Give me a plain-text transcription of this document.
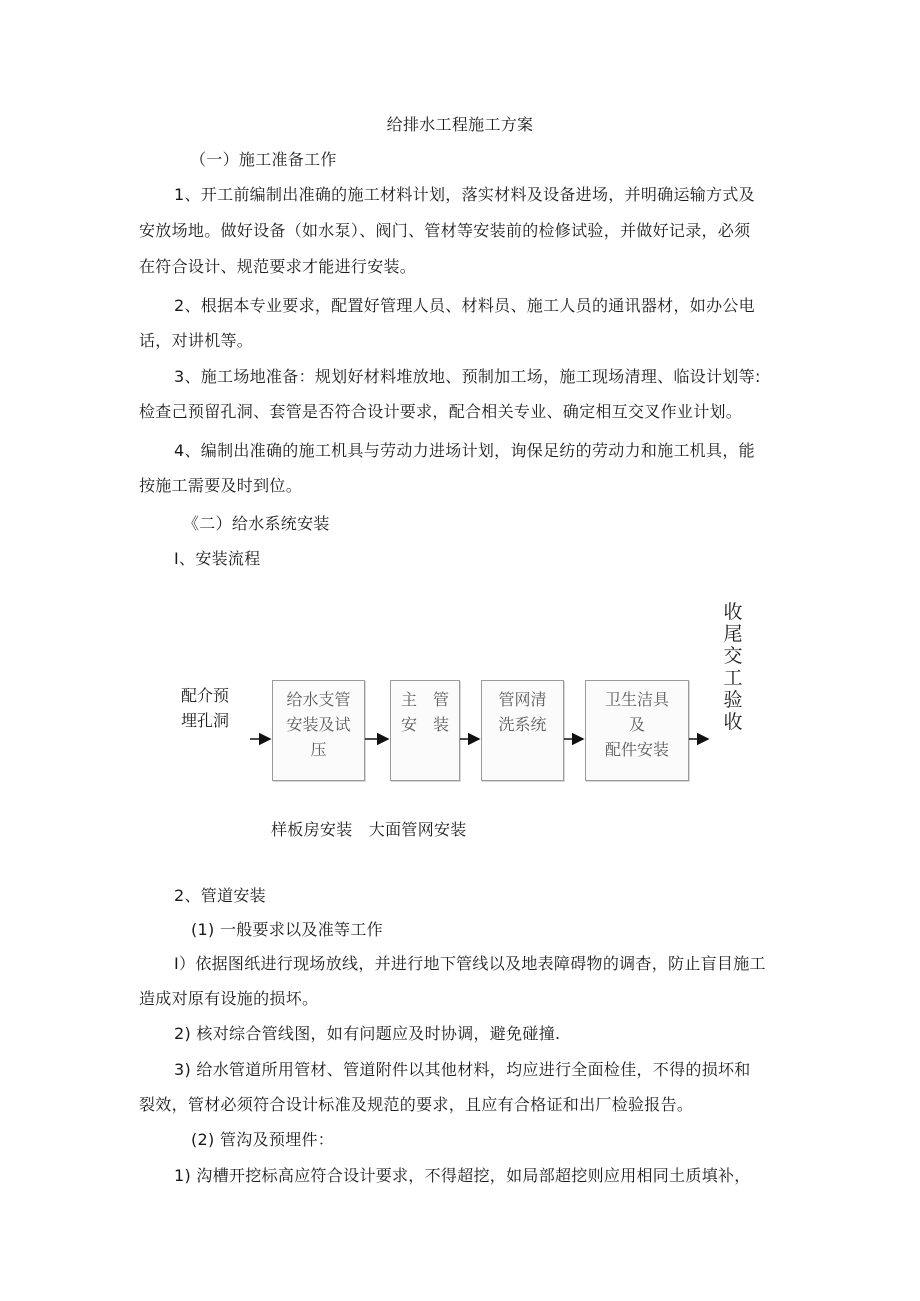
给排水工程施工方案
（一）施工准备工作
1、开工前编制出准确的施工材料计划，落实材料及设备进场，并明确运输方式及
安放场地。做好设备（如水泵）、阀门、管材等安装前的检修试验，并做好记录，必须
在符合设计、规范要求才能进行安装。
2、根据本专业要求，配置好管理人员、材料员、施工人员的通讯器材，如办公电
话，对讲机等。
3、施工场地准备：规划好材料堆放地、预制加工场，施工现场清理、临设计划等:
检查己预留孔洞、套管是否符合设计要求，配合相关专业、确定相互交叉作业计划。
4、编制出准确的施工机具与劳动力进场计划，询保足纺的劳动力和施工机具，能
按施工需要及时到位。
《二）给水系统安装
I、安装流程
配介预
埋孔洞
给水支管
安装及试
压
主　管
安　装
管网清
洗系统
卫生洁具
及
配件安装
收
尾
交
工
验
收
样板房安装　大面管网安装
2、管道安装
(1) 一般要求以及准等工作
I）依据图纸进行现场放线，并进行地下管线以及地表障碍物的调杳，防止盲目施工
造成对原有设施的损坏。
2) 核对综合管线图，如有问题应及时协调，避免碰撞.
3) 给水管道所用管材、管道附件以其他材料，均应进行全面检佳，不得的损坏和
裂效，管材必须符合设计标准及规范的要求，且应有合格证和出厂检验报告。
(2) 管沟及预埋件：
1) 沟槽开挖标高应符合设计要求，不得超挖，如局部超挖则应用相同土质填补，
